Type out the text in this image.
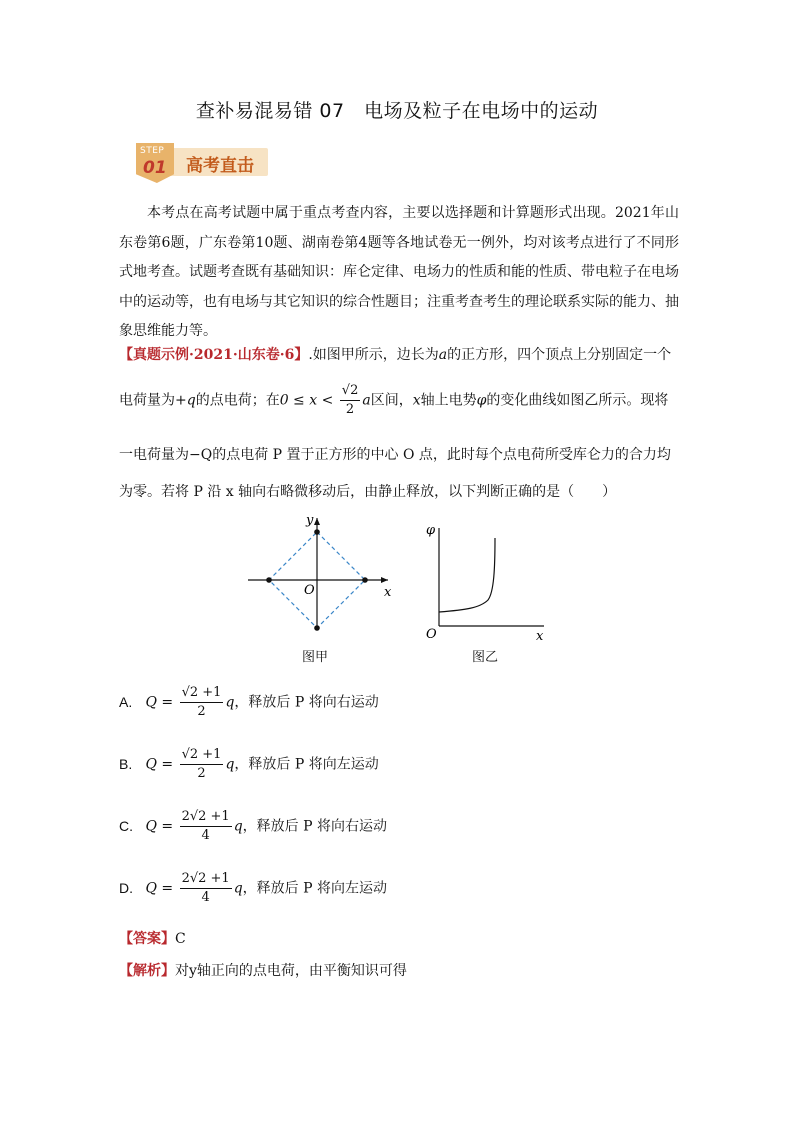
查补易混易错 07　电场及粒子在电场中的运动
高考直击
STEP
01
本考点在高考试题中属于重点考查内容，主要以选择题和计算题形式出现。2021年山东卷第6题，广东卷第10题、湖南卷第4题等各地试卷无一例外，均对该考点进行了不同形式地考查。试题考查既有基础知识：库仑定律、电场力的性质和能的性质、带电粒子在电场中的运动等，也有电场与其它知识的综合性题目；注重考查考生的理论联系实际的能力、抽象思维能力等。
【真题示例·2021·山东卷·6】.如图甲所示，边长为a的正方形，四个顶点上分别固定一个
电荷量为+q的点电荷；在$0 \le x < \frac{√2}{2}$ a区间，x轴上电势φ的变化曲线如图乙所示。现将
一电荷量为−Q的点电荷 P 置于正方形的中心 O 点，此时每个点电荷所受库仑力的合力均
为零。若将 P 沿 x 轴向右略微移动后，由静止释放，以下判断正确的是（　　）
O	x
y
O	x
φ
图甲	图乙
A. $Q = \frac{√2 +1}{2}$ q，释放后 P 将向右运动
B. $Q = \frac{√2 +1}{2}$ q，释放后 P 将向左运动
C. $Q = \frac{2√2 +1}{4}$ q，释放后 P 将向右运动
D. $Q = \frac{2√2 +1}{4}$ q，释放后 P 将向左运动
【答案】C
【解析】对y轴正向的点电荷，由平衡知识可得
